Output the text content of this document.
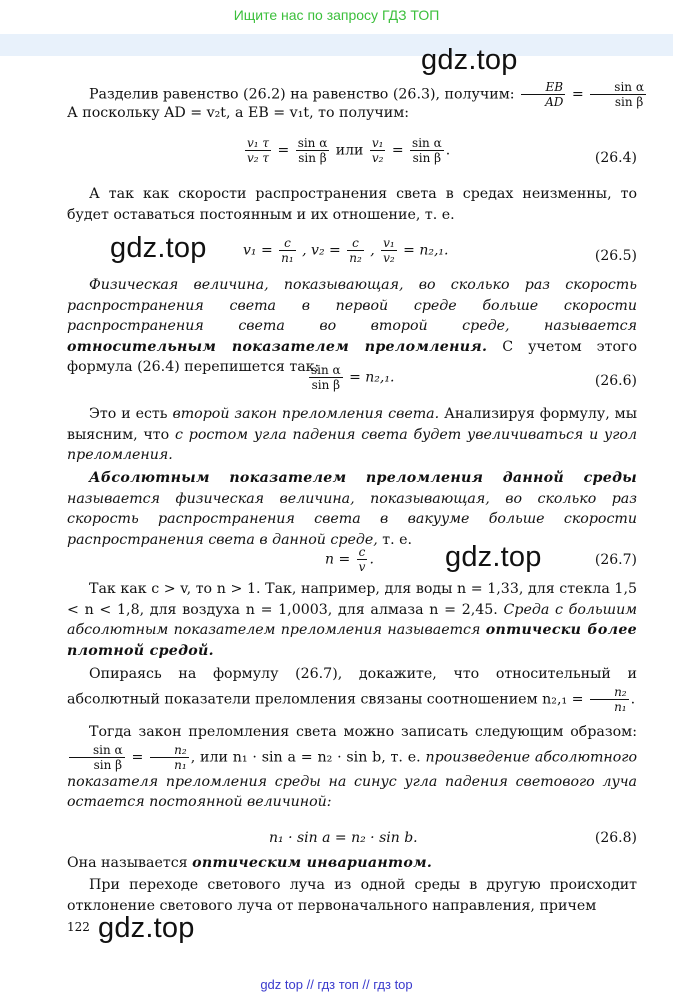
Ищите нас по запросу ГДЗ ТОП
gdz.top
gdz.top
gdz.top
gdz.top
Разделив равенство (26.2) на равенство (26.3), получим: $\frac{EB}{AD} = \frac{\text{sin α}}{\text{sin β}}$
А поскольку AD = v₂t, а EB = v₁t, то получим:
$\frac{\text{v₁ τ}}{\text{v₂ τ}} = \frac{\text{sin α}}{\text{sin β}}$ или $\frac{\text{v₁}}{\text{v₂}} = \frac{\text{sin α}}{\text{sin β}}$ .	(26.4)
А так как скорости распространения света в средах неизменны, то будет оставаться постоянным и их отношение, т. е.
$v_1 = \frac{c}{\text{n₁}}$ , $v_2 = \frac{c}{\text{n₂}}$ , $\frac{\text{v₁}}{\text{v₂}} = n_2,_1$.	(26.5)
Физическая величина, показывающая, во сколько раз скорость распространения света в первой среде больше скорости распространения света во второй среде, называется относительным показателем преломления. С учетом этого формула (26.4) перепишется так:
$\frac{\text{sin α}}{\text{sin β}} = n_2,_1$.	(26.6)
Это и есть второй закон преломления света. Анализируя формулу, мы выясним, что с ростом угла падения света будет увеличиваться и угол преломления.
Абсолютным показателем преломления данной среды называется физическая величина, показывающая, во сколько раз скорость распространения света в вакууме больше скорости распространения света в данной среде, т. е.
$n = \frac{c}{v}$ .	(26.7)
Так как c > v, то n > 1. Так, например, для воды n = 1,33, для стекла 1,5 < n < 1,8, для воздуха n = 1,0003, для алмаза n = 2,45. Среда с большим абсолютным показателем преломления называется оптически более плотной средой.
Опираясь на формулу (26.7), докажите, что относительный и абсолютный показатели преломления связаны соотношением $n_2,_1 = \frac{\text{n₂}}{\text{n₁}}$ .
Тогда закон преломления света можно записать следующим образом:
$\frac{\text{sin α}}{\text{sin β}} = \frac{\text{n₂}}{\text{n₁}}$ , или n₁ · sin a = n₂ · sin b, т. е. произведение абсолютного показателя преломления среды на синус угла падения светового луча остается постоянной величиной:
n₁ · sin a = n₂ · sin b.	(26.8)
Она называется оптическим инвариантом.
При переходе светового луча из одной среды в другую происходит отклонение светового луча от первоначального направления, причем
122
gdz top // гдз топ // гдз top
